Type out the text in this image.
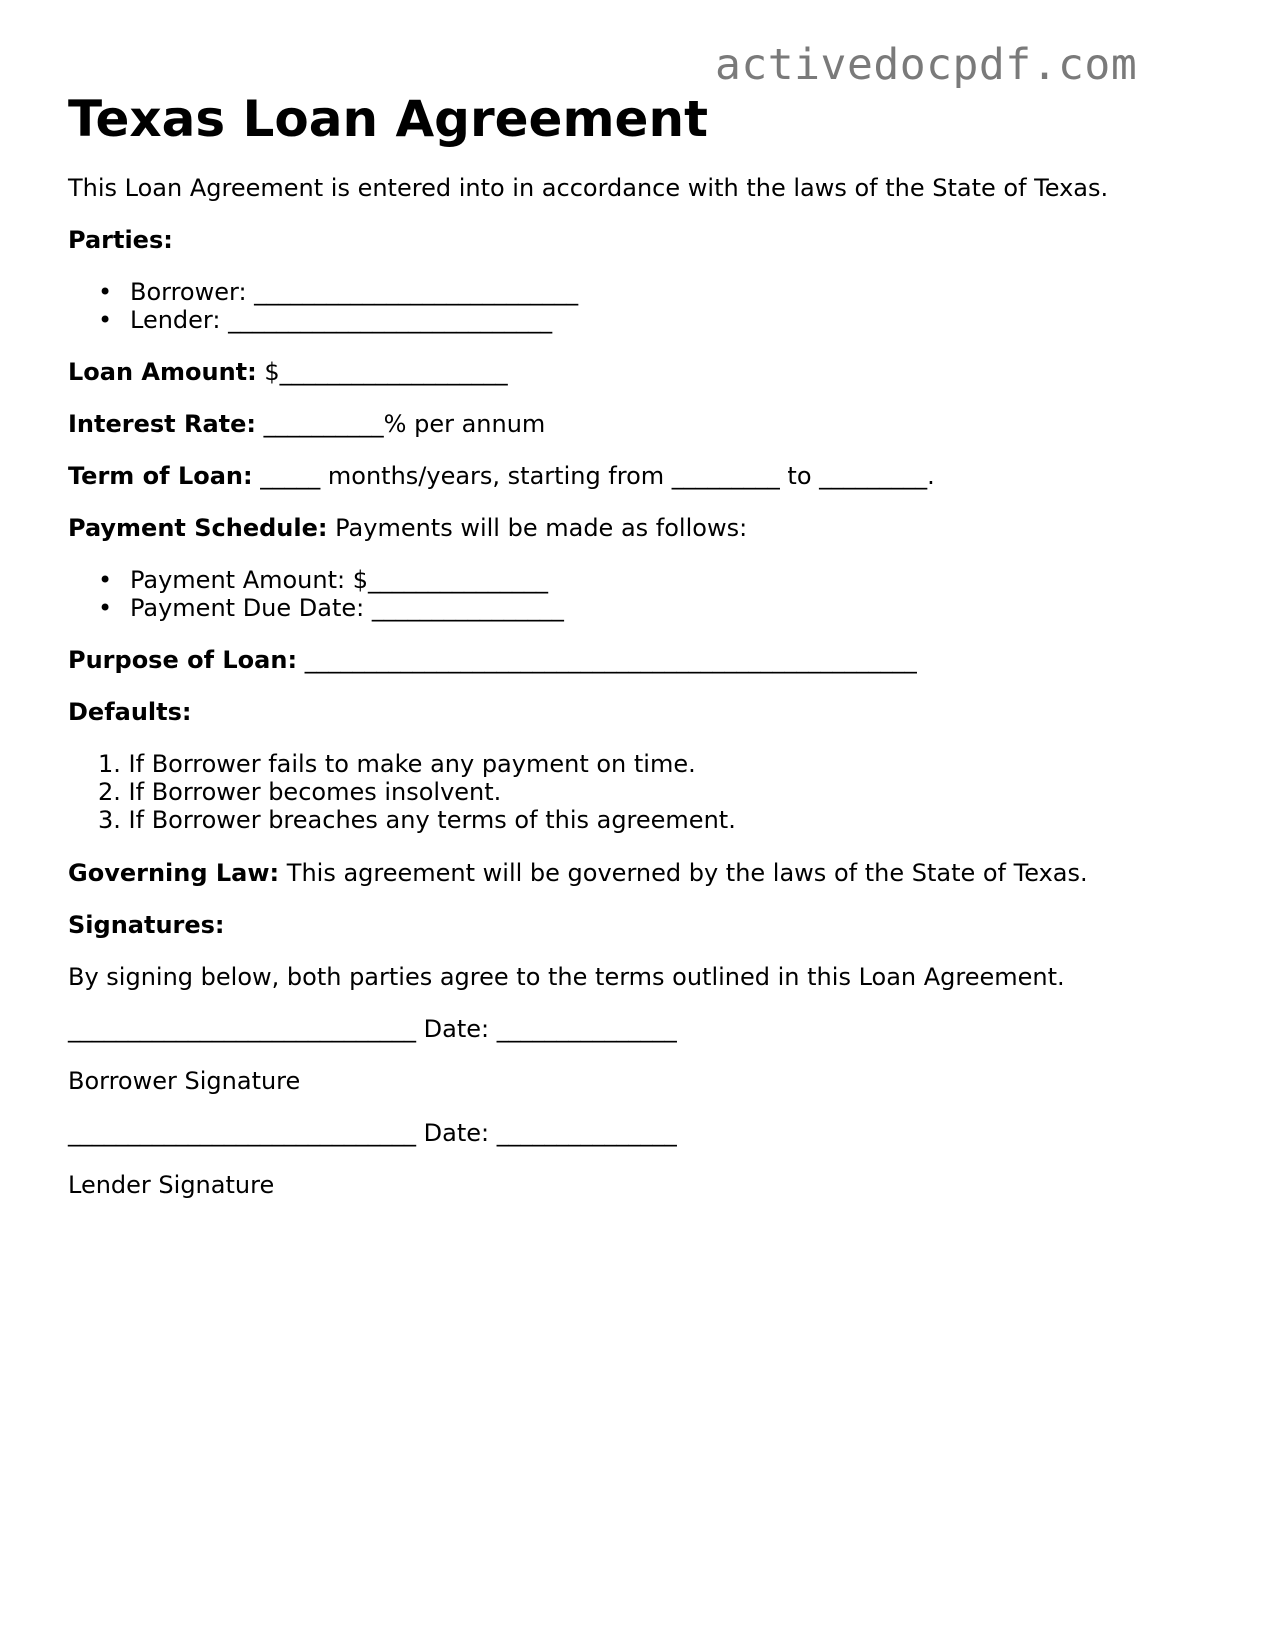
activedocpdf.com
Texas Loan Agreement
This Loan Agreement is entered into in accordance with the laws of the State of Texas.
Parties:
• Borrower: ___________________________
• Lender: ___________________________
Loan Amount: $___________________
Interest Rate: __________% per annum
Term of Loan: _____ months/years, starting from _________ to _________.
Payment Schedule: Payments will be made as follows:
• Payment Amount: $_______________
• Payment Due Date: ________________
Purpose of Loan: ___________________________________________________
Defaults:
1. If Borrower fails to make any payment on time.
2. If Borrower becomes insolvent.
3. If Borrower breaches any terms of this agreement.
Governing Law: This agreement will be governed by the laws of the State of Texas.
Signatures:
By signing below, both parties agree to the terms outlined in this Loan Agreement.
_____________________________ Date: _______________
Borrower Signature
_____________________________ Date: _______________
Lender Signature
